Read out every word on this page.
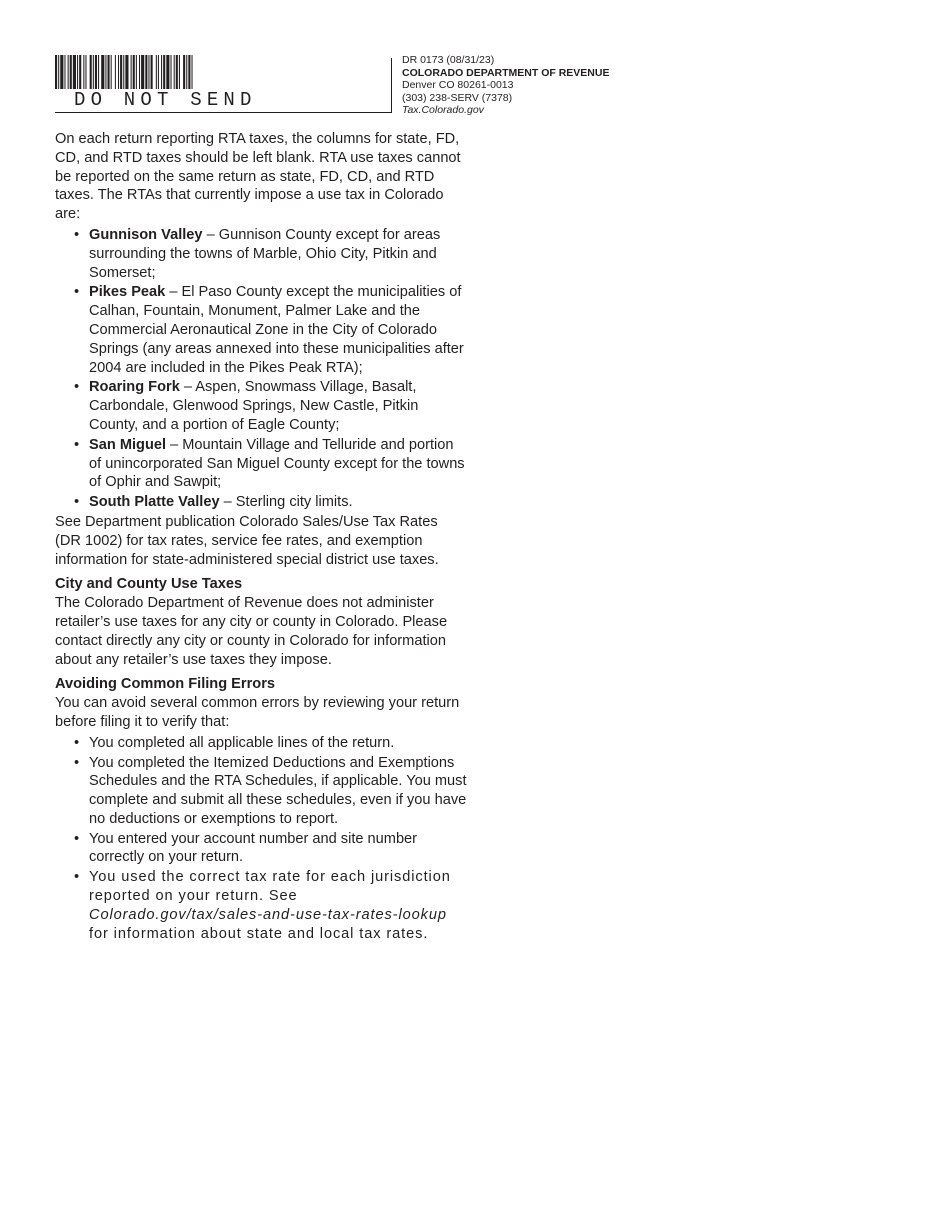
DO NOT SEND
DR 0173 (08/31/23)
COLORADO DEPARTMENT OF REVENUE
Denver CO 80261-0013
(303) 238-SERV (7378)
Tax.Colorado.gov

On each return reporting RTA taxes, the columns for state, FD, CD, and RTD taxes should be left blank. RTA use taxes cannot be reported on the same return as state, FD, CD, and RTD taxes. The RTAs that currently impose a use tax in Colorado are:

• Gunnison Valley – Gunnison County except for areas surrounding the towns of Marble, Ohio City, Pitkin and Somerset;
• Pikes Peak – El Paso County except the municipalities of Calhan, Fountain, Monument, Palmer Lake and the Commercial Aeronautical Zone in the City of Colorado Springs (any areas annexed into these municipalities after 2004 are included in the Pikes Peak RTA);
• Roaring Fork – Aspen, Snowmass Village, Basalt, Carbondale, Glenwood Springs, New Castle, Pitkin County, and a portion of Eagle County;
• San Miguel – Mountain Village and Telluride and portion of unincorporated San Miguel County except for the towns of Ophir and Sawpit;
• South Platte Valley – Sterling city limits.

See Department publication Colorado Sales/Use Tax Rates (DR 1002) for tax rates, service fee rates, and exemption information for state-administered special district use taxes.

City and County Use Taxes

The Colorado Department of Revenue does not administer retailer’s use taxes for any city or county in Colorado. Please contact directly any city or county in Colorado for information about any retailer’s use taxes they impose.

Avoiding Common Filing Errors

You can avoid several common errors by reviewing your return before filing it to verify that:

• You completed all applicable lines of the return.
• You completed the Itemized Deductions and Exemptions Schedules and the RTA Schedules, if applicable. You must complete and submit all these schedules, even if you have no deductions or exemptions to report.
• You entered your account number and site number correctly on your return.
• You used the correct tax rate for each jurisdiction reported on your return. See Colorado.gov/tax/sales-and-use-tax-rates-lookup for information about state and local tax rates.
